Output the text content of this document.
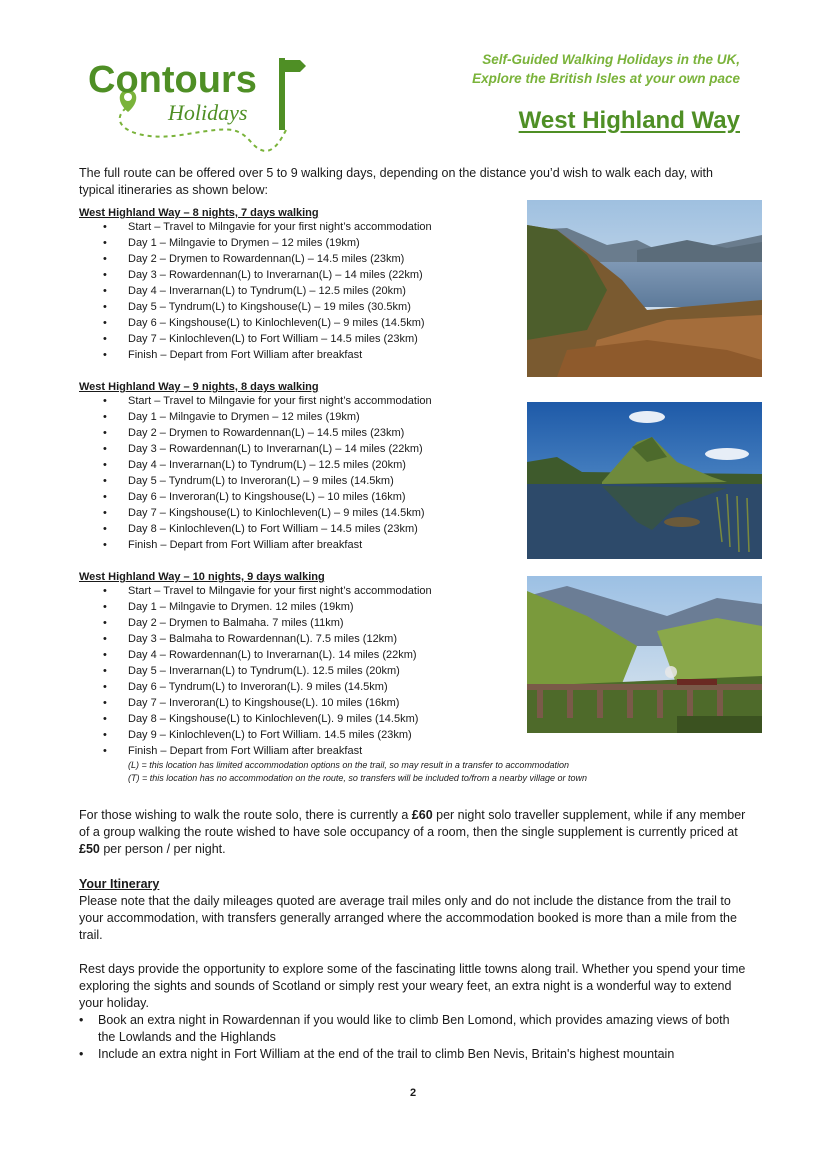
Contours
Holidays
Self-Guided Walking Holidays in the UK,
Explore the British Isles at your own pace
West Highland Way
The full route can be offered over 5 to 9 walking days, depending on the distance you’d wish to walk each day, with typical itineraries as shown below:
West Highland Way – 8 nights, 7 days walking
• Start – Travel to Milngavie for your first night’s accommodation
• Day 1 – Milngavie to Drymen – 12 miles (19km)
• Day 2 – Drymen to Rowardennan(L) – 14.5 miles (23km)
• Day 3 – Rowardennan(L) to Inverarnan(L) – 14 miles (22km)
• Day 4 – Inverarnan(L) to Tyndrum(L) – 12.5 miles (20km)
• Day 5 – Tyndrum(L) to Kingshouse(L) – 19 miles (30.5km)
• Day 6 – Kingshouse(L) to Kinlochleven(L) – 9 miles (14.5km)
• Day 7 – Kinlochleven(L) to Fort William – 14.5 miles (23km)
• Finish – Depart from Fort William after breakfast
West Highland Way – 9 nights, 8 days walking
• Start – Travel to Milngavie for your first night’s accommodation
• Day 1 – Milngavie to Drymen – 12 miles (19km)
• Day 2 – Drymen to Rowardennan(L) – 14.5 miles (23km)
• Day 3 – Rowardennan(L) to Inverarnan(L) – 14 miles (22km)
• Day 4 – Inverarnan(L) to Tyndrum(L) – 12.5 miles (20km)
• Day 5 – Tyndrum(L) to Inveroran(L) – 9 miles (14.5km)
• Day 6 – Inveroran(L) to Kingshouse(L) – 10 miles (16km)
• Day 7 – Kingshouse(L) to Kinlochleven(L) – 9 miles (14.5km)
• Day 8 – Kinlochleven(L) to Fort William – 14.5 miles (23km)
• Finish – Depart from Fort William after breakfast
West Highland Way – 10 nights, 9 days walking
• Start – Travel to Milngavie for your first night’s accommodation
• Day 1 – Milngavie to Drymen. 12 miles (19km)
• Day 2 – Drymen to Balmaha. 7 miles (11km)
• Day 3 – Balmaha to Rowardennan(L). 7.5 miles (12km)
• Day 4 – Rowardennan(L) to Inverarnan(L). 14 miles (22km)
• Day 5 – Inverarnan(L) to Tyndrum(L). 12.5 miles (20km)
• Day 6 – Tyndrum(L) to Inveroran(L). 9 miles (14.5km)
• Day 7 – Inveroran(L) to Kingshouse(L). 10 miles (16km)
• Day 8 – Kingshouse(L) to Kinlochleven(L). 9 miles (14.5km)
• Day 9 – Kinlochleven(L) to Fort William. 14.5 miles (23km)
• Finish – Depart from Fort William after breakfast
(L) = this location has limited accommodation options on the trail, so may result in a transfer to accommodation
(T) = this location has no accommodation on the route, so transfers will be included to/from a nearby village or town
For those wishing to walk the route solo, there is currently a £60 per night solo traveller supplement, while if any member of a group walking the route wished to have sole occupancy of a room, then the single supplement is currently priced at £50 per person / per night.
Your Itinerary
Please note that the daily mileages quoted are average trail miles only and do not include the distance from the trail to your accommodation, with transfers generally arranged where the accommodation booked is more than a mile from the trail.
Rest days provide the opportunity to explore some of the fascinating little towns along trail. Whether you spend your time exploring the sights and sounds of Scotland or simply rest your weary feet, an extra night is a wonderful way to extend your holiday.
• Book an extra night in Rowardennan if you would like to climb Ben Lomond, which provides amazing views of both the Lowlands and the Highlands
• Include an extra night in Fort William at the end of the trail to climb Ben Nevis, Britain's highest mountain
2
